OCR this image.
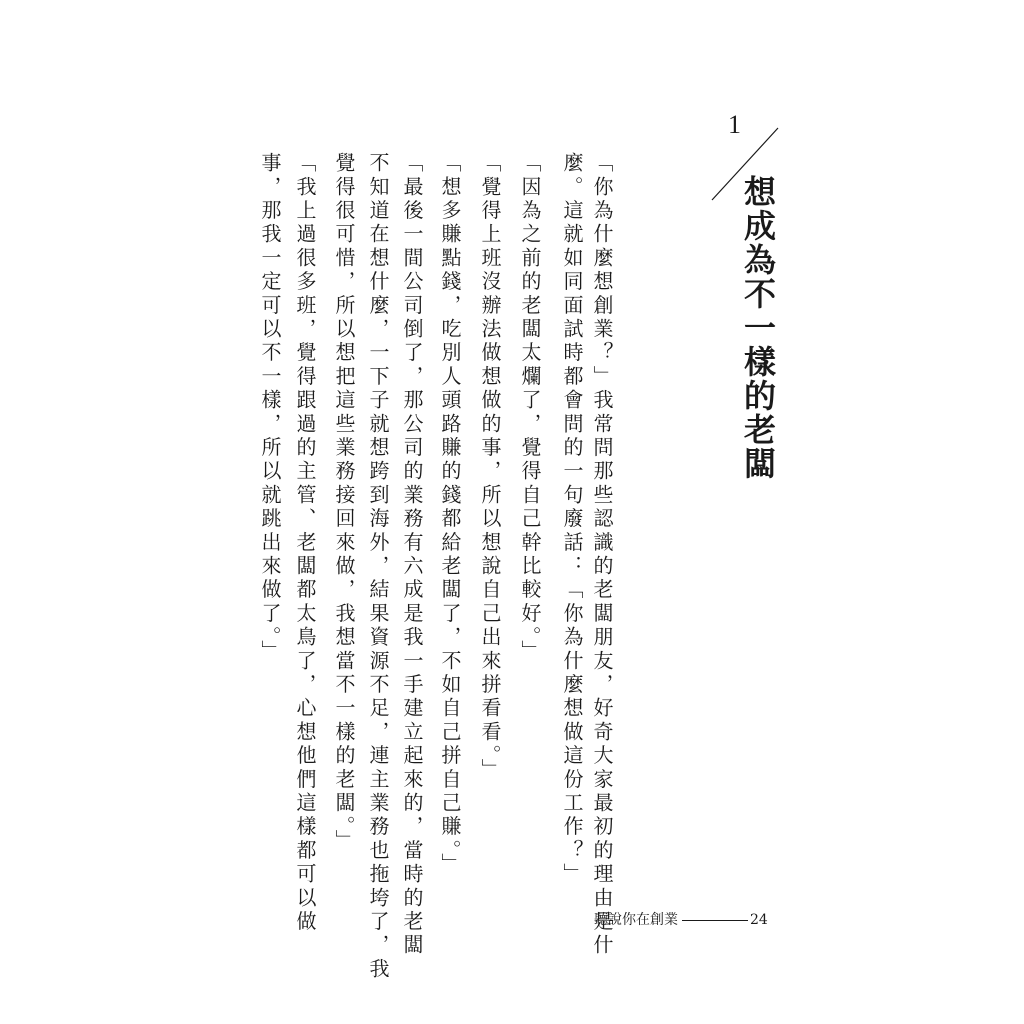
1
想成為不一樣的老闆
「你為什麼想創業？」我常問那些認識的老闆朋友，好奇大家最初的理由是什
麼。這就如同面試時都會問的一句廢話：「你為什麼想做這份工作？」
「因為之前的老闆太爛了，覺得自己幹比較好。」
「覺得上班沒辦法做想做的事，所以想說自己出來拼看看。」
「想多賺點錢，吃別人頭路賺的錢都給老闆了，不如自己拼自己賺。」
「最後一間公司倒了，那公司的業務有六成是我一手建立起來的，當時的老闆
不知道在想什麼，一下子就想跨到海外，結果資源不足，連主業務也拖垮了，我
覺得很可惜，所以想把這些業務接回來做，我想當不一樣的老闆。」
「我上過很多班，覺得跟過的主管、老闆都太鳥了，心想他們這樣都可以做
事，那我一定可以不一樣，所以就跳出來做了。」
聽說你在創業	24
